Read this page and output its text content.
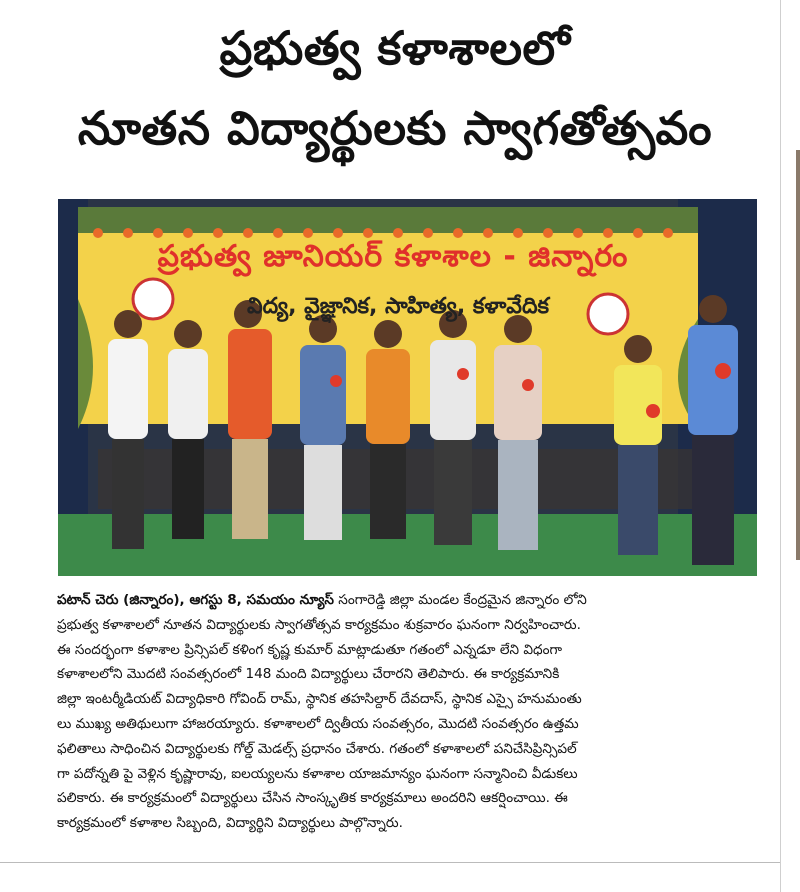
ప్రభుత్వ కళాశాలలో
నూతన విద్యార్థులకు స్వాగతోత్సవం
ప్రభుత్వ జూనియర్ కళాశాల - జిన్నారం
విద్య, వైజ్ఞానిక, సాహిత్య, కళావేదిక
పటాన్ చెరు (జిన్నారం), ఆగస్టు 8, సమయం న్యూస్ సంగారెడ్డి జిల్లా మండల కేంద్రమైన జిన్నారం లోని
ప్రభుత్వ కళాశాలలో నూతన విద్యార్థులకు స్వాగతోత్సవ కార్యక్రమం శుక్రవారం ఘనంగా నిర్వహించారు.
ఈ సందర్భంగా కళాశాల ప్రిన్సిపల్ కళింగ కృష్ణ కుమార్ మాట్లాడుతూ గతంలో ఎన్నడూ లేని విధంగా
కళాశాలలోని మొదటి సంవత్సరంలో 148 మంది విద్యార్థులు చేరారని తెలిపారు. ఈ కార్యక్రమానికి
జిల్లా ఇంటర్మీడియట్ విద్యాధికారి గోవింద్ రామ్, స్థానిక తహసిల్దార్ దేవదాస్, స్థానిక ఎస్సై హనుమంతు
లు ముఖ్య అతిథులుగా హాజరయ్యారు. కళాశాలలో ద్వితీయ సంవత్సరం, మొదటి సంవత్సరం ఉత్తమ
ఫలితాలు సాధించిన విద్యార్థులకు గోల్డ్ మెడల్స్ ప్రధానం చేశారు. గతంలో కళాశాలలో పనిచేసిప్రిన్సిపల్
గా పదోన్నతి పై వెళ్లిన కృష్ణారావు, ఐలయ్యలను కళాశాల యాజమాన్యం ఘనంగా సన్మానించి వీడుకలు
పలికారు. ఈ కార్యక్రమంలో విద్యార్థులు చేసిన సాంస్కృతిక కార్యక్రమాలు అందరిని ఆకర్షించాయి. ఈ
కార్యక్రమంలో కళాశాల సిబ్బంది, విద్యార్థిని విద్యార్థులు పాల్గొన్నారు.
